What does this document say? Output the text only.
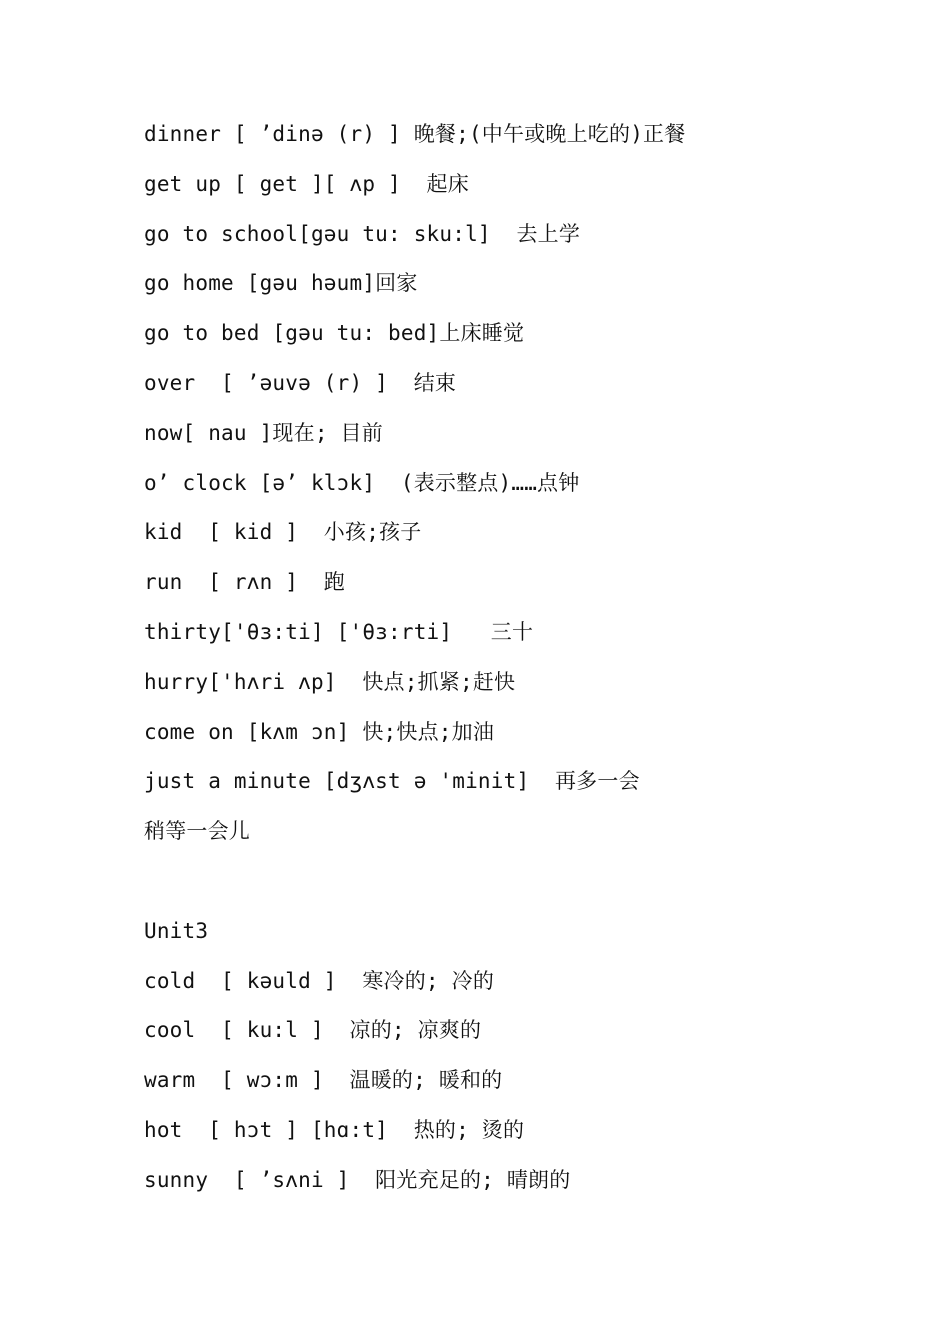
dinner [ ’dinə (r) ] 晚餐;(中午或晚上吃的)正餐
get up [ get ][ ʌp ]  起床
go to school[gəu tu: sku:l]  去上学
go home [gəu həum]回家
go to bed [gəu tu: bed]上床睡觉
over  [ ’əuvə (r) ]  结束
now[ nau ]现在; 目前
o’ clock [ə’ klɔk]  (表示整点)……点钟
kid  [ kid ]  小孩;孩子
run  [ rʌn ]  跑
thirty['θɜ:ti] ['θɜ:rti]   三十
hurry['hʌri ʌp]  快点;抓紧;赶快
come on [kʌm ɔn] 快;快点;加油
just a minute [dʒʌst ə 'minit]  再多一会
稍等一会儿
Unit3
cold  [ kəuld ]  寒冷的; 冷的
cool  [ ku:l ]  凉的; 凉爽的
warm  [ wɔ:m ]  温暖的; 暖和的
hot  [ hɔt ] [hɑ:t]  热的; 烫的
sunny  [ ’sʌni ]  阳光充足的; 晴朗的
